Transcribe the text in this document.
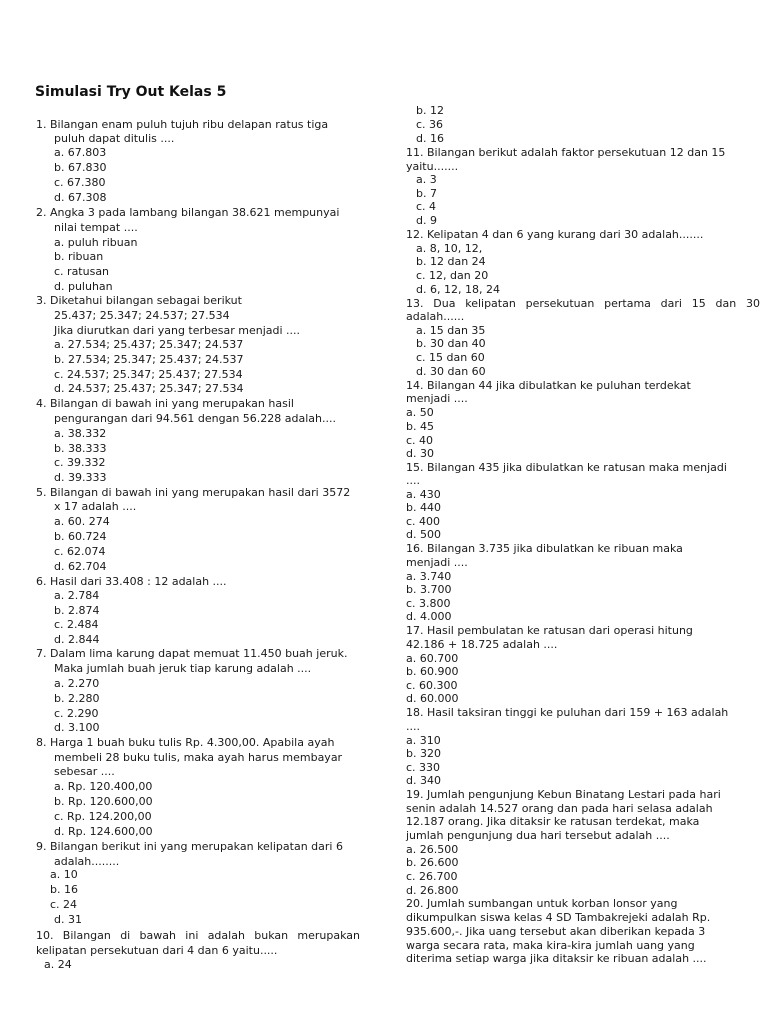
Simulasi Try Out Kelas 5
1. Bilangan enam puluh tujuh ribu delapan ratus tiga
puluh dapat ditulis ....
a. 67.803
b. 67.830
c. 67.380
d. 67.308
2. Angka 3 pada lambang bilangan 38.621 mempunyai
nilai tempat ....
a. puluh ribuan
b. ribuan
c. ratusan
d. puluhan
3. Diketahui bilangan sebagai berikut
25.437; 25.347; 24.537; 27.534
Jika diurutkan dari yang terbesar menjadi ....
a. 27.534; 25.437; 25.347; 24.537
b. 27.534; 25.347; 25.437; 24.537
c. 24.537; 25.347; 25.437; 27.534
d. 24.537; 25.437; 25.347; 27.534
4. Bilangan di bawah ini yang merupakan hasil
pengurangan dari 94.561 dengan 56.228 adalah....
a. 38.332
b. 38.333
c. 39.332
d. 39.333
5. Bilangan di bawah ini yang merupakan hasil dari 3572
x 17 adalah ....
a. 60. 274
b. 60.724
c. 62.074
d. 62.704
6. Hasil dari 33.408 : 12 adalah ....
a. 2.784
b. 2.874
c. 2.484
d. 2.844
7. Dalam lima karung dapat memuat 11.450 buah jeruk.
Maka jumlah buah jeruk tiap karung adalah ....
a. 2.270
b. 2.280
c. 2.290
d. 3.100
8. Harga 1 buah buku tulis Rp. 4.300,00. Apabila ayah
membeli 28 buku tulis, maka ayah harus membayar
sebesar ....
a. Rp. 120.400,00
b. Rp. 120.600,00
c. Rp. 124.200,00
d. Rp. 124.600,00
9. Bilangan berikut ini yang merupakan kelipatan dari 6
adalah........
a. 10
b. 16
c. 24
d. 31
10. Bilangan di bawah ini adalah bukan merupakan
kelipatan persekutuan dari 4 dan 6 yaitu.....
a. 24
b. 12
c. 36
d. 16
11. Bilangan berikut adalah faktor persekutuan 12 dan 15
yaitu.......
a. 3
b. 7
c. 4
d. 9
12. Kelipatan 4 dan 6 yang kurang dari 30 adalah.......
a. 8, 10, 12,
b. 12 dan 24
c. 12, dan 20
d. 6, 12, 18, 24
13. Dua kelipatan persekutuan pertama dari 15 dan 30
adalah......
a. 15 dan 35
b. 30 dan 40
c. 15 dan 60
d. 30 dan 60
14. Bilangan 44 jika dibulatkan ke puluhan terdekat
menjadi ....
a. 50
b. 45
c. 40
d. 30
15. Bilangan 435 jika dibulatkan ke ratusan maka menjadi
....
a. 430
b. 440
c. 400
d. 500
16. Bilangan 3.735 jika dibulatkan ke ribuan maka
menjadi ....
a. 3.740
b. 3.700
c. 3.800
d. 4.000
17. Hasil pembulatan ke ratusan dari operasi hitung
42.186 + 18.725 adalah ....
a. 60.700
b. 60.900
c. 60.300
d. 60.000
18. Hasil taksiran tinggi ke puluhan dari 159 + 163 adalah
....
a. 310
b. 320
c. 330
d. 340
19. Jumlah pengunjung Kebun Binatang Lestari pada hari
senin adalah 14.527 orang dan pada hari selasa adalah
12.187 orang. Jika ditaksir ke ratusan terdekat, maka
jumlah pengunjung dua hari tersebut adalah ....
a. 26.500
b. 26.600
c. 26.700
d. 26.800
20. Jumlah sumbangan untuk korban lonsor yang
dikumpulkan siswa kelas 4 SD Tambakrejeki adalah Rp.
935.600,-. Jika uang tersebut akan diberikan kepada 3
warga secara rata, maka kira-kira jumlah uang yang
diterima setiap warga jika ditaksir ke ribuan adalah ....
